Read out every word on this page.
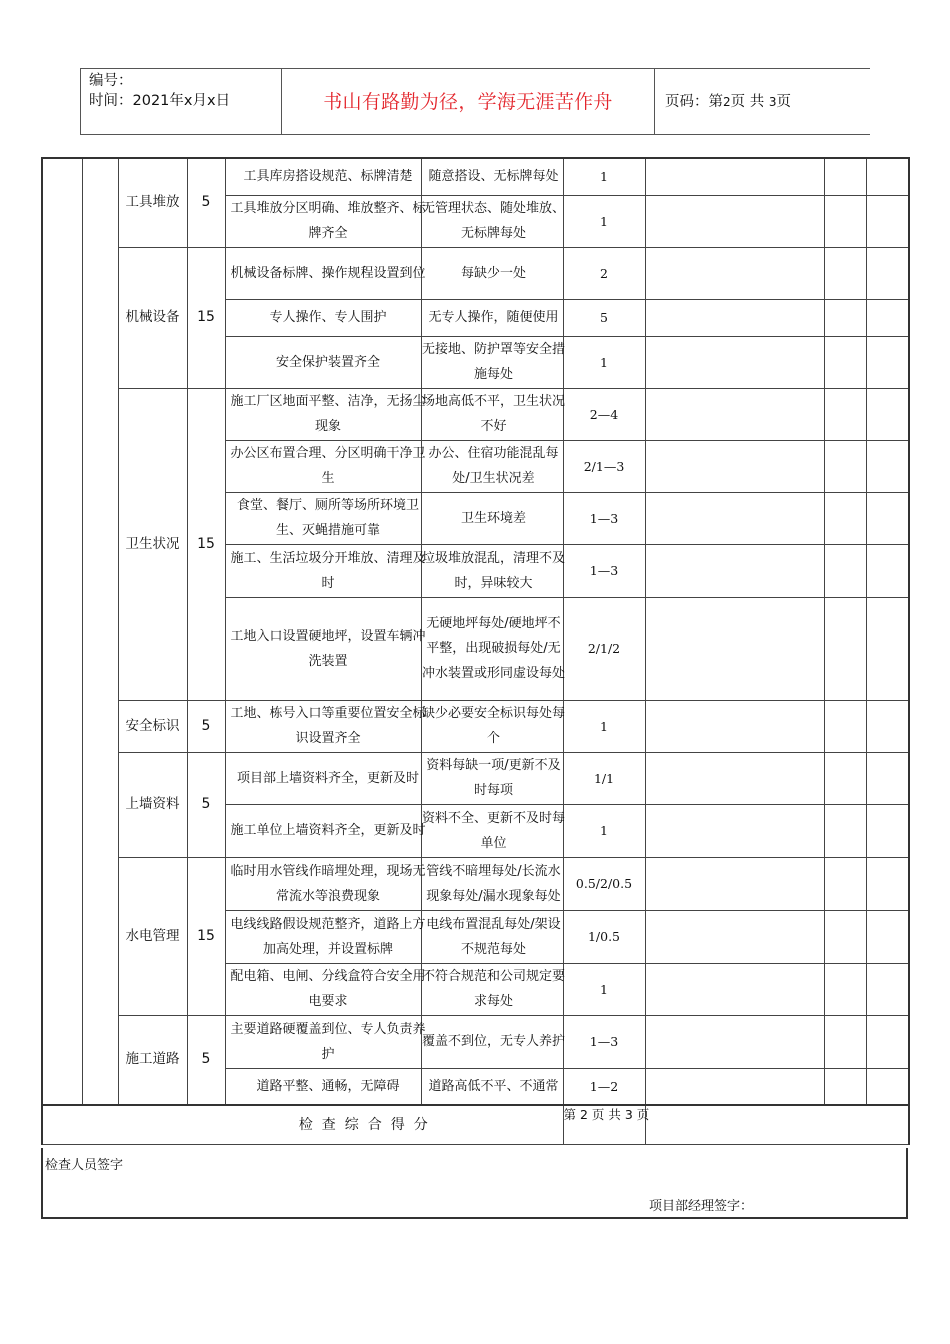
编号：
时间：2021年x月x日	书山有路勤为径，学海无涯苦作舟	页码：第2页 共 3页
		工具堆放	5	工具库房搭设规范、标牌清楚	随意搭设、无标牌每处	1			

				工具堆放分区明确、堆放整齐、标牌齐全	无管理状态、随处堆放、无标牌每处	1			
		机械设备	15	机械设备标牌、操作规程设置到位	每缺少一处	2			

				专人操作、专人围护	无专人操作，随便使用	5			

				安全保护装置齐全	无接地、防护罩等安全措施每处	1			
		卫生状况	15	施工厂区地面平整、洁净，无扬尘现象	场地高低不平，卫生状况不好	2—4			

				办公区布置合理、分区明确干净卫生	办公、住宿功能混乱每处/卫生状况差	2/1—3			

				食堂、餐厅、厕所等场所环境卫生、灭蝇措施可靠	卫生环境差	1—3			

				施工、生活垃圾分开堆放、清理及时	垃圾堆放混乱，清理不及时，异味较大	1—3			

				工地入口设置硬地坪，设置车辆冲洗装置	无硬地坪每处/硬地坪不平整，出现破损每处/无冲水装置或形同虚设每处	2/1/2			
		安全标识	5	工地、栋号入口等重要位置安全标识设置齐全	缺少必要安全标识每处每个	1			
		上墙资料	5	项目部上墙资料齐全，更新及时	资料每缺一项/更新不及时每项	1/1			

				施工单位上墙资料齐全，更新及时	资料不全、更新不及时每单位	1			
		水电管理	15	临时用水管线作暗埋处理，现场无常流水等浪费现象	管线不暗埋每处/长流水现象每处/漏水现象每处	0.5/2/0.5			

				电线线路假设规范整齐，道路上方加高处理，并设置标牌	电线布置混乱每处/架设不规范每处	1/0.5			

				配电箱、电闸、分线盒符合安全用电要求	不符合规范和公司规定要求每处	1			
		施工道路	5	主要道路硬覆盖到位、专人负责养护	覆盖不到位，无专人养护	1—3			

				道路平整、通畅，无障碍	道路高低不平、不通常	1—2			
检查综合得分						第 2 页 共 3 页			
检查人员签字
项目部经理签字：
